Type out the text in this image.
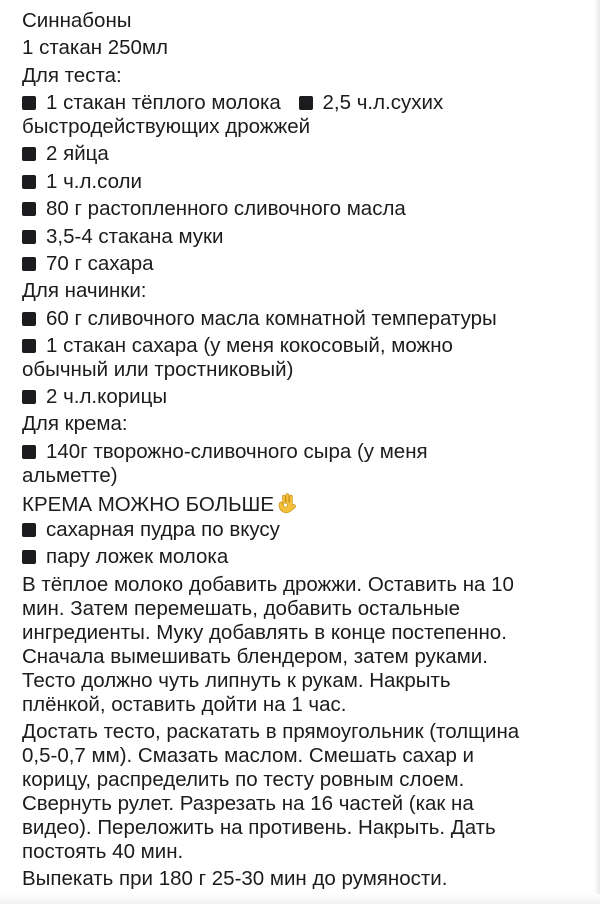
Синнабоны
1 стакан 250мл
Для теста:
1 стакан тёплого молока 2,5 ч.л.сухих
быстродействующих дрожжей
2 яйца
1 ч.л.соли
80 г растопленного сливочного масла
3,5-4 стакана муки
70 г сахара
Для начинки:
60 г сливочного масла комнатной температуры
1 стакан сахара (у меня кокосовый, можно
обычный или тростниковый)
2 ч.л.корицы
Для крема:
140г творожно-сливочного сыра (у меня
альметте)
КРЕМА МОЖНО БОЛЬШЕ
сахарная пудра по вкусу
пару ложек молока
В тёплое молоко добавить дрожжи. Оставить на 10
мин. Затем перемешать, добавить остальные
ингредиенты. Муку добавлять в конце постепенно.
Сначала вымешивать блендером, затем руками.
Тесто должно чуть липнуть к рукам. Накрыть
плёнкой, оставить дойти на 1 час.
Достать тесто, раскатать в прямоугольник (толщина
0,5-0,7 мм). Смазать маслом. Смешать сахар и
корицу, распределить по тесту ровным слоем.
Свернуть рулет. Разрезать на 16 частей (как на
видео). Переложить на противень. Накрыть. Дать
постоять 40 мин.
Выпекать при 180 г 25-30 мин до румяности.
